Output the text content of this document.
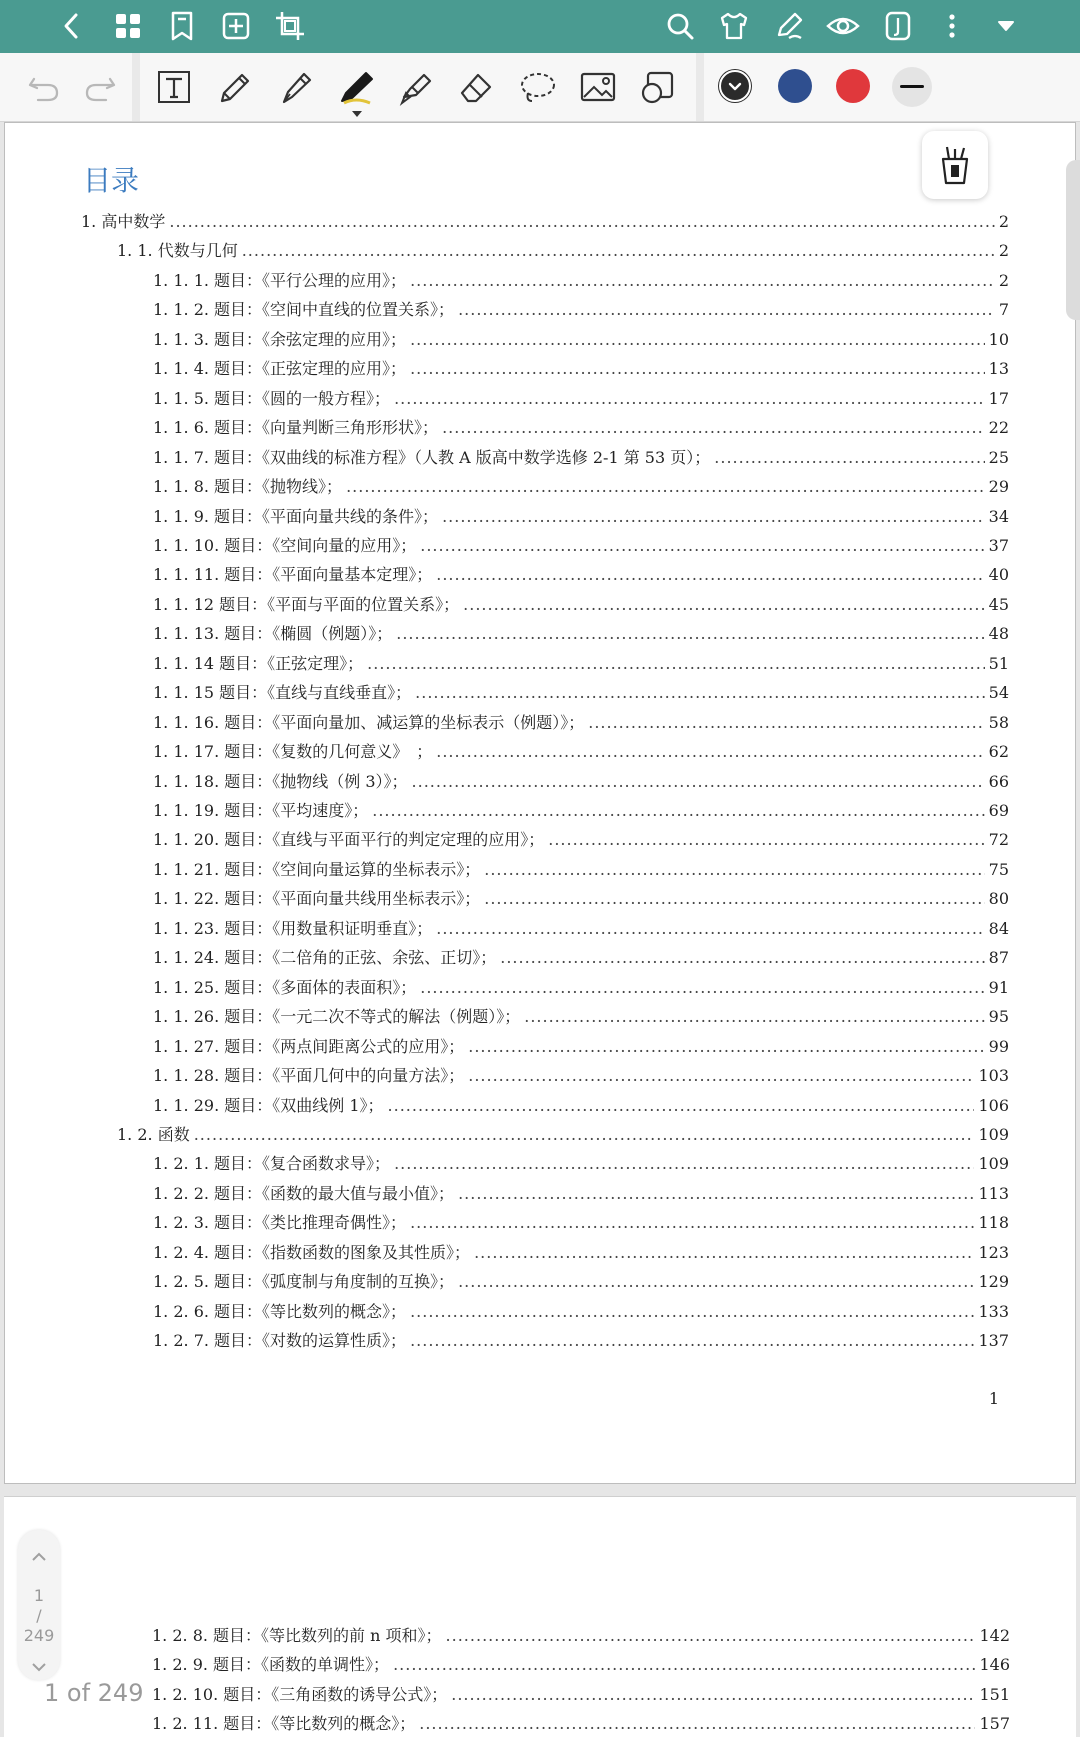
目录
1. 高中数学 .....	2
1. 1. 代数与几何 .....	2
1. 1. 1. 题目：《平行公理的应用》； .....	2
1. 1. 2. 题目：《空间中直线的位置关系》； .....	7
1. 1. 3. 题目：《余弦定理的应用》； .....	10
1. 1. 4. 题目：《正弦定理的应用》； .....	13
1. 1. 5. 题目：《圆的一般方程》； .....	17
1. 1. 6. 题目：《向量判断三角形形状》； .....	22
1. 1. 7. 题目：《双曲线的标准方程》（人教 A 版高中数学选修 2-1 第 53 页）； .....	25
1. 1. 8. 题目：《抛物线》； .....	29
1. 1. 9. 题目：《平面向量共线的条件》； .....	34
1. 1. 10. 题目：《空间向量的应用》； .....	37
1. 1. 11. 题目：《平面向量基本定理》； .....	40
1. 1. 12 题目：《平面与平面的位置关系》； .....	45
1. 1. 13. 题目：《椭圆（例题）》； .....	48
1. 1. 14 题目：《正弦定理》； .....	51
1. 1. 15 题目：《直线与直线垂直》； .....	54
1. 1. 16. 题目：《平面向量加、减运算的坐标表示（例题）》； .....	58
1. 1. 17. 题目：《复数的几何意义》　； .....	62
1. 1. 18. 题目：《抛物线（例 3）》； .....	66
1. 1. 19. 题目：《平均速度》； .....	69
1. 1. 20. 题目：《直线与平面平行的判定定理的应用》； .....	72
1. 1. 21. 题目：《空间向量运算的坐标表示》； .....	75
1. 1. 22. 题目：《平面向量共线用坐标表示》； .....	80
1. 1. 23. 题目：《用数量积证明垂直》； .....	84
1. 1. 24. 题目：《二倍角的正弦、余弦、正切》； .....	87
1. 1. 25. 题目：《多面体的表面积》； .....	91
1. 1. 26. 题目：《一元二次不等式的解法（例题）》； .....	95
1. 1. 27. 题目：《两点间距离公式的应用》； .....	99
1. 1. 28. 题目：《平面几何中的向量方法》； .....	103
1. 1. 29. 题目：《双曲线例 1》； .....	106
1. 2. 函数 .....	109
1. 2. 1. 题目：《复合函数求导》； .....	109
1. 2. 2. 题目：《函数的最大值与最小值》； .....	113
1. 2. 3. 题目：《类比推理奇偶性》； .....	118
1. 2. 4. 题目：《指数函数的图象及其性质》； .....	123
1. 2. 5. 题目：《弧度制与角度制的互换》； .....	129
1. 2. 6. 题目：《等比数列的概念》； .....	133
1. 2. 7. 题目：《对数的运算性质》； .....	137
1
1. 2. 8. 题目：《等比数列的前 n 项和》； .....	142
1. 2. 9. 题目：《函数的单调性》； .....	146
1. 2. 10. 题目：《三角函数的诱导公式》； .....	151
1. 2. 11. 题目：《等比数列的概念》； .....	157
1
/
249
1 of 249
